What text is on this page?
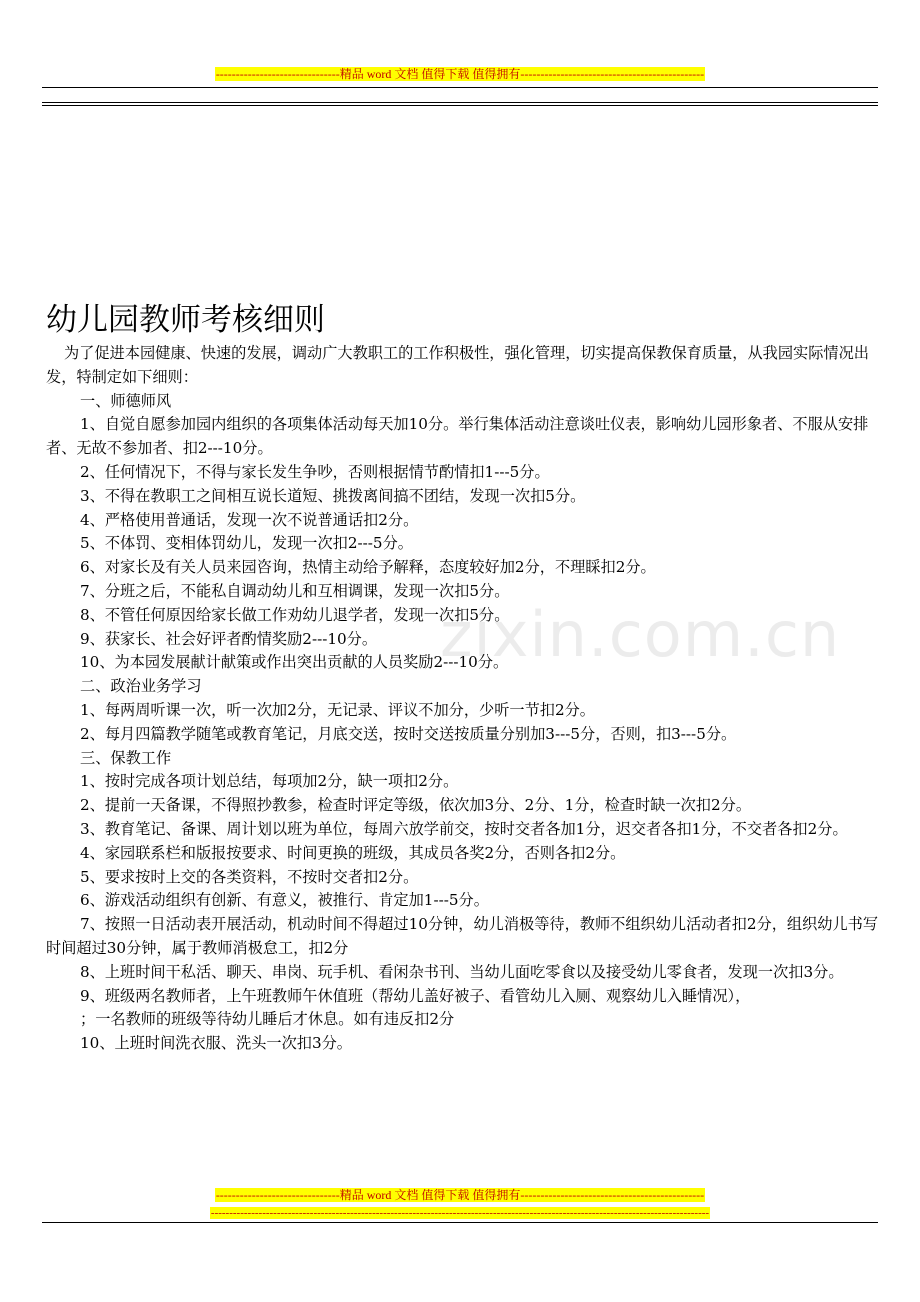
-------------------------------精品 word 文档 值得下载 值得拥有----------------------------------------------
zixin.com.cn
幼儿园教师考核细则

为了促进本园健康、快速的发展，调动广大教职工的工作积极性，强化管理，切实提高保教保育质量，从我园实际情况出发，特制定如下细则：

一、师德师风

1、自觉自愿参加园内组织的各项集体活动每天加10分。举行集体活动注意谈吐仪表，影响幼儿园形象者、不服从安排者、无故不参加者、扣2---10分。

2、任何情况下，不得与家长发生争吵，否则根据情节酌情扣1---5分。

3、不得在教职工之间相互说长道短、挑拨离间搞不团结，发现一次扣5分。

4、严格使用普通话，发现一次不说普通话扣2分。

5、不体罚、变相体罚幼儿，发现一次扣2---5分。

6、对家长及有关人员来园咨询，热情主动给予解释，态度较好加2分，不理睬扣2分。

7、分班之后，不能私自调动幼儿和互相调课，发现一次扣5分。

8、不管任何原因给家长做工作劝幼儿退学者，发现一次扣5分。

9、获家长、社会好评者酌情奖励2---10分。

10、为本园发展献计献策或作出突出贡献的人员奖励2---10分。

二、政治业务学习

1、每两周听课一次，听一次加2分，无记录、评议不加分，少听一节扣2分。

2、每月四篇教学随笔或教育笔记，月底交送，按时交送按质量分别加3---5分，否则，扣3---5分。

三、保教工作

1、按时完成各项计划总结，每项加2分，缺一项扣2分。

2、提前一天备课，不得照抄教参，检查时评定等级，依次加3分、2分、1分，检查时缺一次扣2分。

3、教育笔记、备课、周计划以班为单位，每周六放学前交，按时交者各加1分，迟交者各扣1分，不交者各扣2分。

4、家园联系栏和版报按要求、时间更换的班级，其成员各奖2分，否则各扣2分。

5、要求按时上交的各类资料，不按时交者扣2分。

6、游戏活动组织有创新、有意义，被推行、肯定加1---5分。

7、按照一日活动表开展活动，机动时间不得超过10分钟，幼儿消极等待，教师不组织幼儿活动者扣2分，组织幼儿书写时间超过30分钟，属于教师消极怠工，扣2分

8、上班时间干私活、聊天、串岗、玩手机、看闲杂书刊、当幼儿面吃零食以及接受幼儿零食者，发现一次扣3分。

9、班级两名教师者，上午班教师午休值班（帮幼儿盖好被子、看管幼儿入厕、观察幼儿入睡情况），

；一名教师的班级等待幼儿睡后才休息。如有违反扣2分

10、上班时间洗衣服、洗头一次扣3分。

-------------------------------精品 word 文档 值得下载 值得拥有----------------------------------------------
----------------------------------------------------------------------------------------------------------------------------------------
